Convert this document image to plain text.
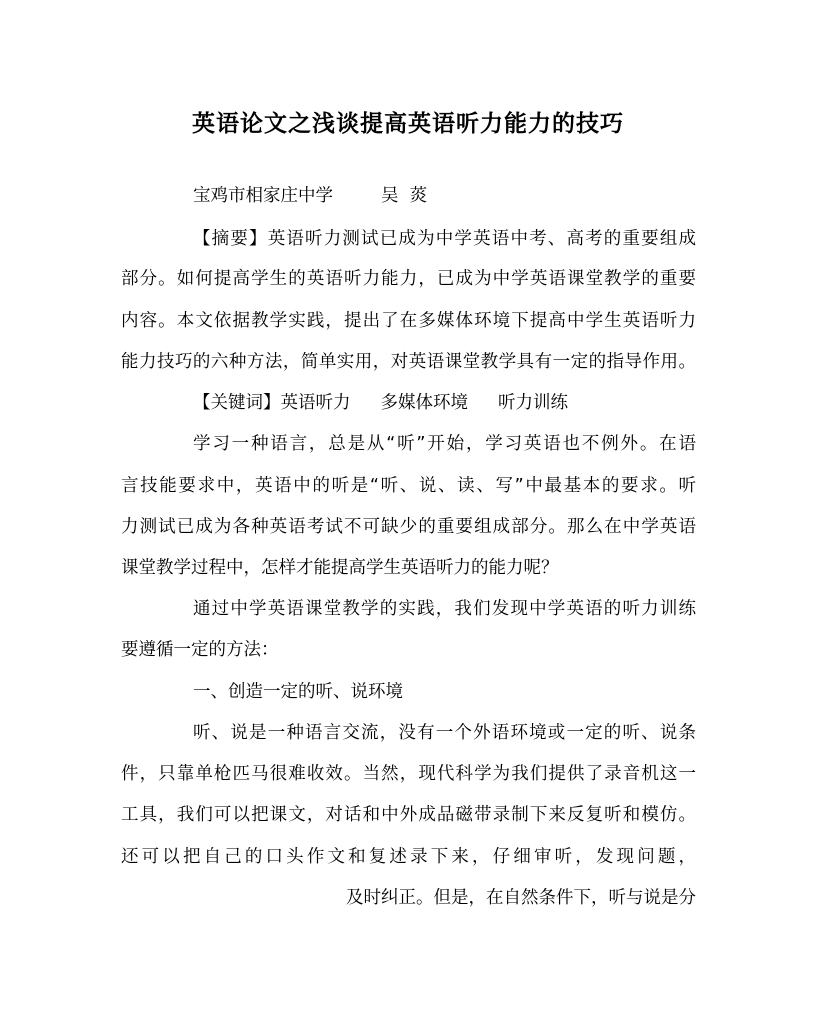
英语论文之浅谈提高英语听力能力的技巧
宝鸡市相家庄中学	吴  菼
【摘要】英语听力测试已成为中学英语中考、高考的重要组成
部分。如何提高学生的英语听力能力，已成为中学英语课堂教学的重要
内容。本文依据教学实践，提出了在多媒体环境下提高中学生英语听力
能力技巧的六种方法，简单实用，对英语课堂教学具有一定的指导作用。
【关键词】英语听力 多媒体环境 听力训练
学习一种语言，总是从“听”开始，学习英语也不例外。在语
言技能要求中，英语中的听是“听、说、读、写”中最基本的要求。听
力测试已成为各种英语考试不可缺少的重要组成部分。那么在中学英语
课堂教学过程中，怎样才能提高学生英语听力的能力呢？
通过中学英语课堂教学的实践，我们发现中学英语的听力训练
要遵循一定的方法：
一、创造一定的听、说环境
听、说是一种语言交流，没有一个外语环境或一定的听、说条
件，只靠单枪匹马很难收效。当然，现代科学为我们提供了录音机这一
工具，我们可以把课文，对话和中外成品磁带录制下来反复听和模仿。
还可以把自己的口头作文和复述录下来，仔细审听，发现问题，
及时纠正。但是，在自然条件下，听与说是分
